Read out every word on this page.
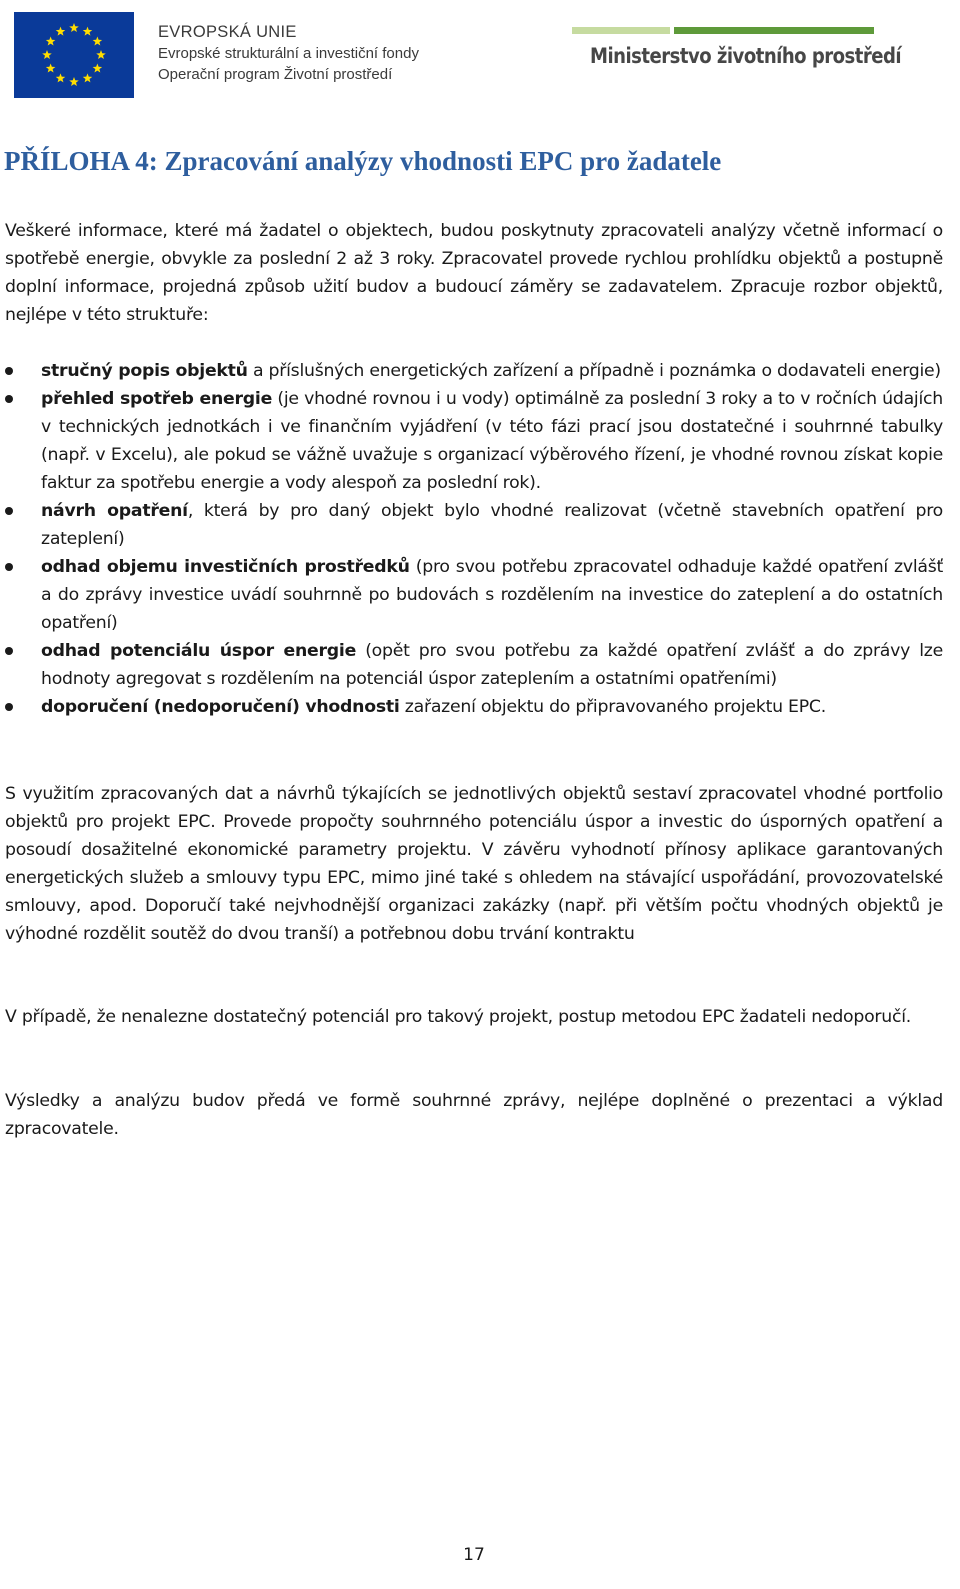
EVROPSKÁ UNIE
Evropské strukturální a investiční fondy
Operační program Životní prostředí
Ministerstvo životního prostředí
PŘÍLOHA 4: Zpracování analýzy vhodnosti EPC pro žadatele

Veškeré informace, které má žadatel o objektech, budou poskytnuty zpracovateli analýzy včetně informací o spotřebě energie, obvykle za poslední 2 až 3 roky. Zpracovatel provede rychlou prohlídku objektů a postupně doplní informace, projedná způsob užití budov a budoucí záměry se zadavatelem. Zpracuje rozbor objektů, nejlépe v této struktuře:

stručný popis objektů a příslušných energetických zařízení a případně i poznámka o dodavateli energie)
přehled spotřeb energie (je vhodné rovnou i u vody) optimálně za poslední 3 roky a to v ročních údajích v technických jednotkách i ve finančním vyjádření (v této fázi prací jsou dostatečné i souhrnné tabulky (např. v Excelu), ale pokud se vážně uvažuje s organizací výběrového řízení, je vhodné rovnou získat kopie faktur za spotřebu energie a vody alespoň za poslední rok).
návrh opatření, která by pro daný objekt bylo vhodné realizovat (včetně stavebních opatření pro zateplení)
odhad objemu investičních prostředků (pro svou potřebu zpracovatel odhaduje každé opatření zvlášť a do zprávy investice uvádí souhrnně po budovách s rozdělením na investice do zateplení a do ostatních opatření)
odhad potenciálu úspor energie (opět pro svou potřebu za každé opatření zvlášť a do zprávy lze hodnoty agregovat s rozdělením na potenciál úspor zateplením a ostatními opatřeními)
doporučení (nedoporučení) vhodnosti zařazení objektu do připravovaného projektu EPC.

S využitím zpracovaných dat a návrhů týkajících se jednotlivých objektů sestaví zpracovatel vhodné portfolio objektů pro projekt EPC. Provede propočty souhrnného potenciálu úspor a investic do úsporných opatření a posoudí dosažitelné ekonomické parametry projektu. V závěru vyhodnotí přínosy aplikace garantovaných energetických služeb a smlouvy typu EPC, mimo jiné také s ohledem na stávající uspořádání, provozovatelské smlouvy, apod. Doporučí také nejvhodnější organizaci zakázky (např. při větším počtu vhodných objektů je výhodné rozdělit soutěž do dvou tranší) a potřebnou dobu trvání kontraktu

V případě, že nenalezne dostatečný potenciál pro takový projekt, postup metodou EPC žadateli nedoporučí.

Výsledky a analýzu budov předá ve formě souhrnné zprávy, nejlépe doplněné o prezentaci a výklad zpracovatele.

17
